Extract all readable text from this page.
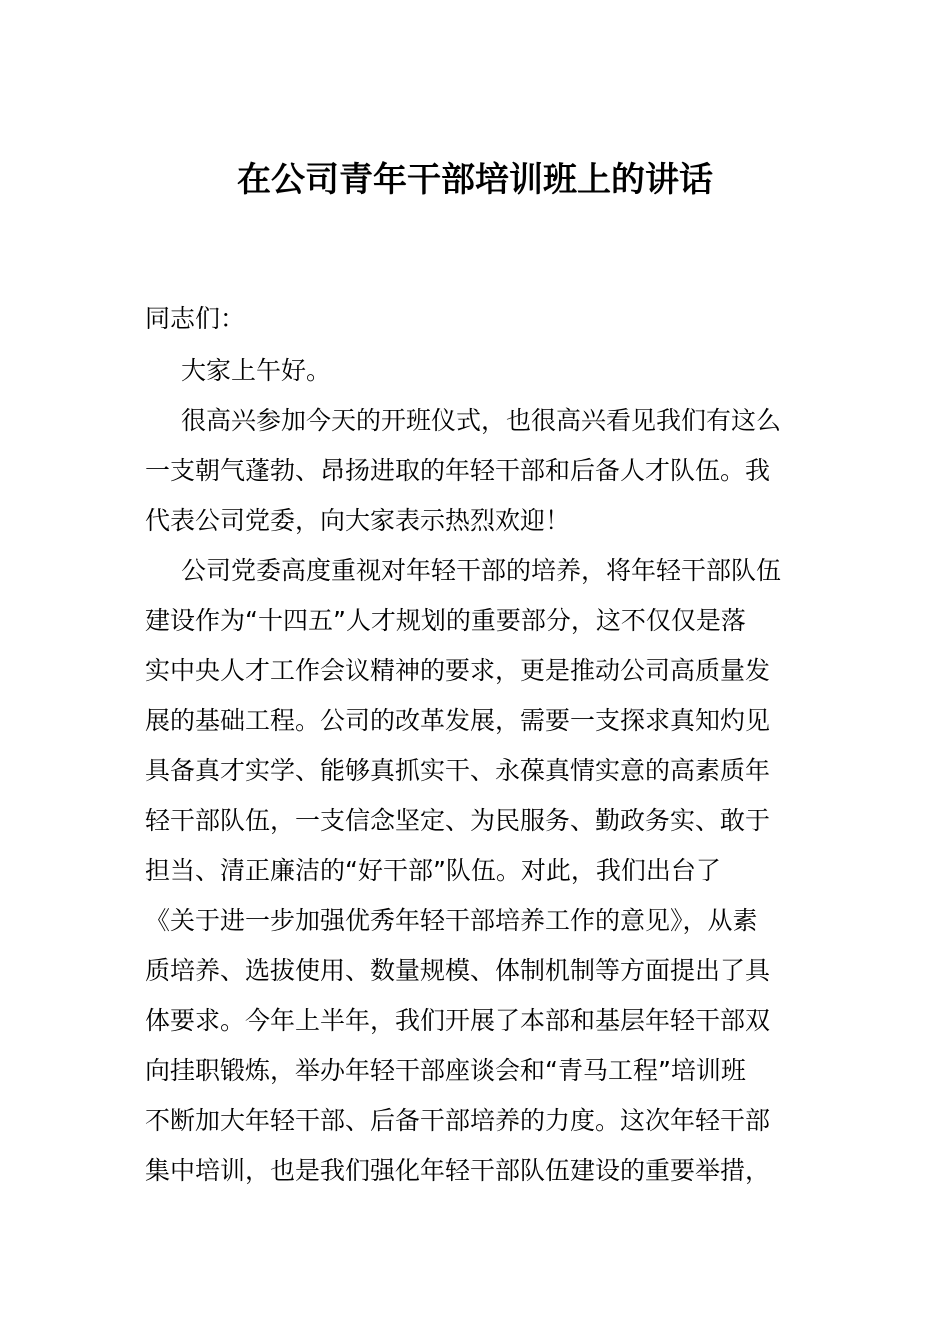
在公司青年干部培训班上的讲话

同志们：

大家上午好。

很高兴参加今天的开班仪式，也很高兴看见我们有这么

一支朝气蓬勃、昂扬进取的年轻干部和后备人才队伍。我

代表公司党委，向大家表示热烈欢迎！

公司党委高度重视对年轻干部的培养，将年轻干部队伍

建设作为“十四五”人才规划的重要部分，这不仅仅是落

实中央人才工作会议精神的要求，更是推动公司高质量发

展的基础工程。公司的改革发展，需要一支探求真知灼见

具备真才实学、能够真抓实干、永葆真情实意的高素质年

轻干部队伍，一支信念坚定、为民服务、勤政务实、敢于

担当、清正廉洁的“好干部”队伍。对此，我们出台了

《关于进一步加强优秀年轻干部培养工作的意见》，从素

质培养、选拔使用、数量规模、体制机制等方面提出了具

体要求。今年上半年，我们开展了本部和基层年轻干部双

向挂职锻炼，举办年轻干部座谈会和“青马工程”培训班

不断加大年轻干部、后备干部培养的力度。这次年轻干部

集中培训，也是我们强化年轻干部队伍建设的重要举措，
